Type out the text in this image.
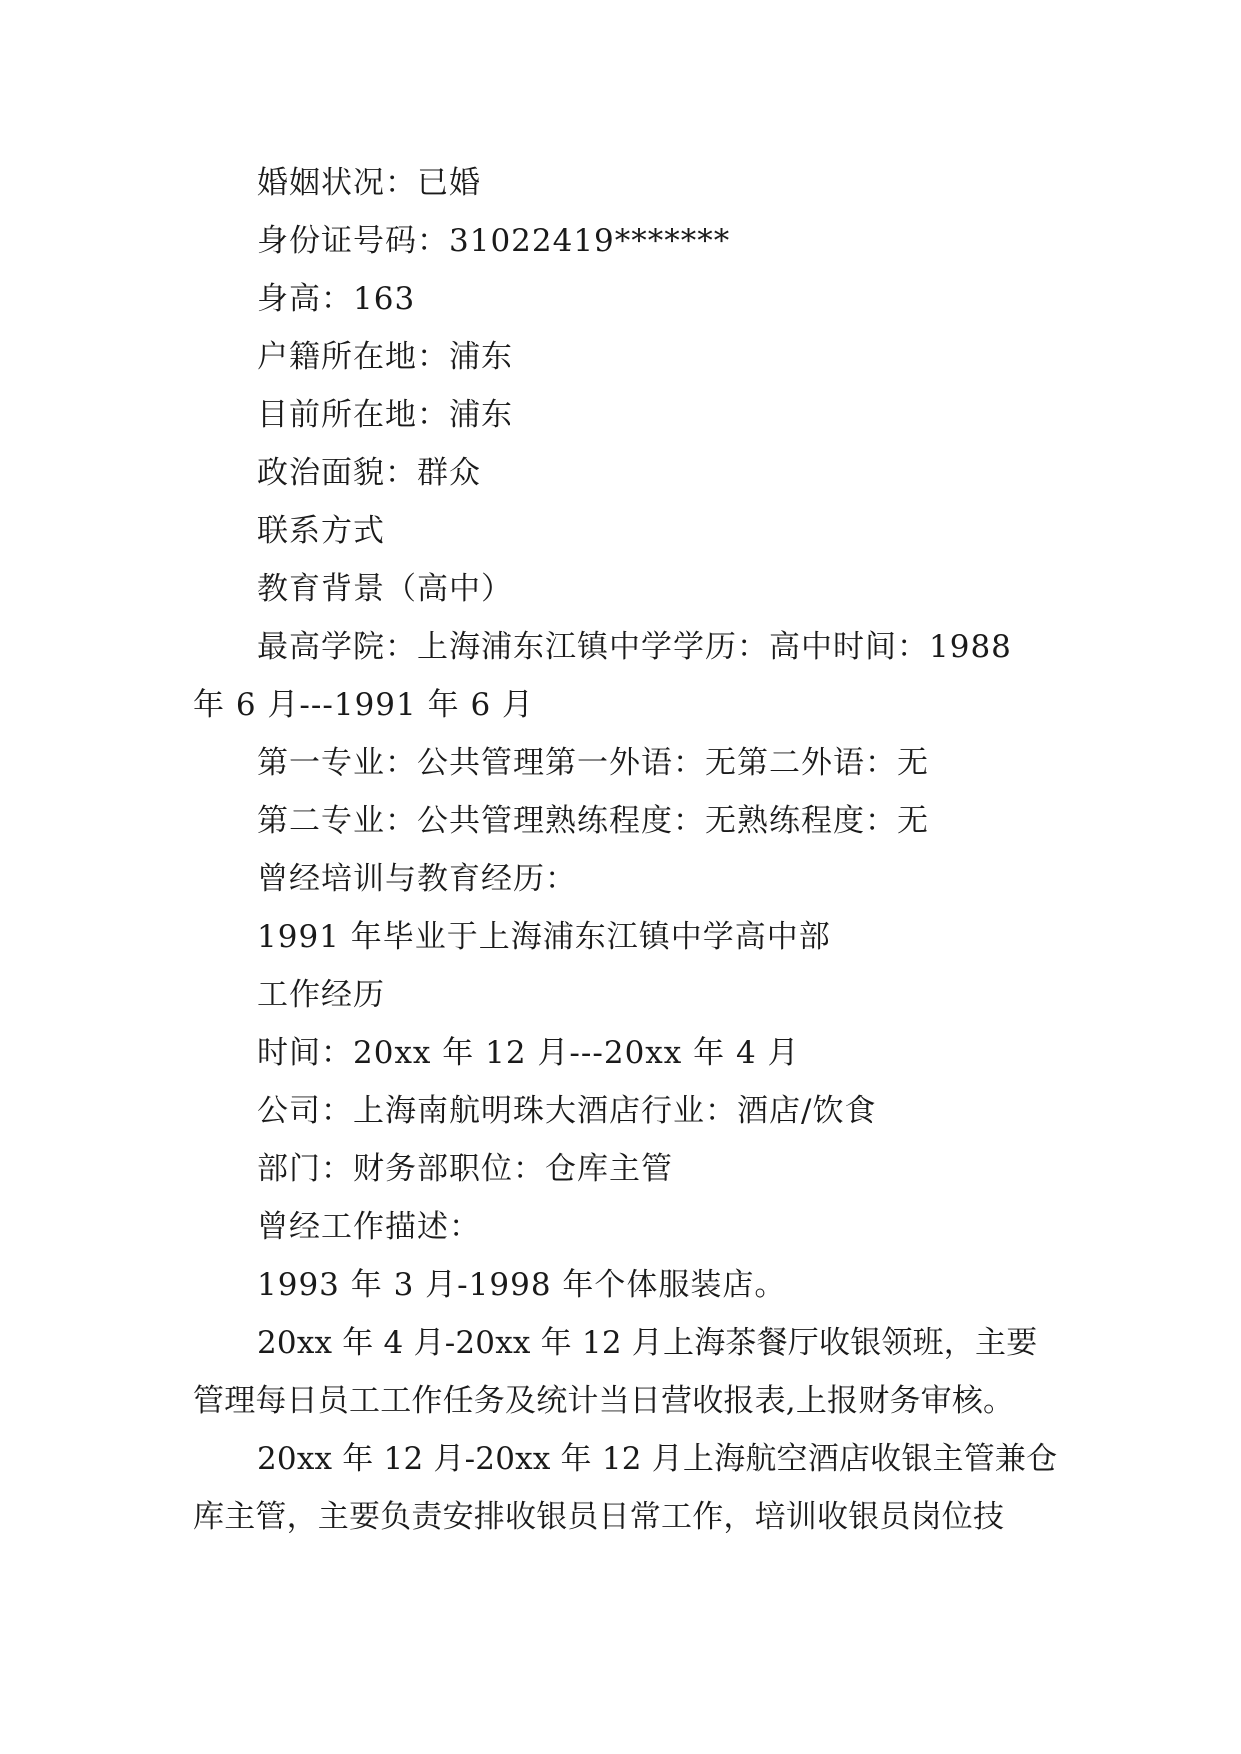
婚姻状况：已婚
身份证号码：31022419*******
身高：163
户籍所在地：浦东
目前所在地：浦东
政治面貌：群众
联系方式
教育背景（高中）
最高学院：上海浦东江镇中学学历：高中时间：1988
年 6 月---1991 年 6 月
第一专业：公共管理第一外语：无第二外语：无
第二专业：公共管理熟练程度：无熟练程度：无
曾经培训与教育经历：
1991 年毕业于上海浦东江镇中学高中部
工作经历
时间：20xx 年 12 月---20xx 年 4 月
公司：上海南航明珠大酒店行业：酒店/饮食
部门：财务部职位：仓库主管
曾经工作描述：
1993 年 3 月-1998 年个体服装店。
20xx 年 4 月-20xx 年 12 月上海茶餐厅收银领班，主要
管理每日员工工作任务及统计当日营收报表,上报财务审核。
20xx 年 12 月-20xx 年 12 月上海航空酒店收银主管兼仓
库主管，主要负责安排收银员日常工作，培训收银员岗位技
